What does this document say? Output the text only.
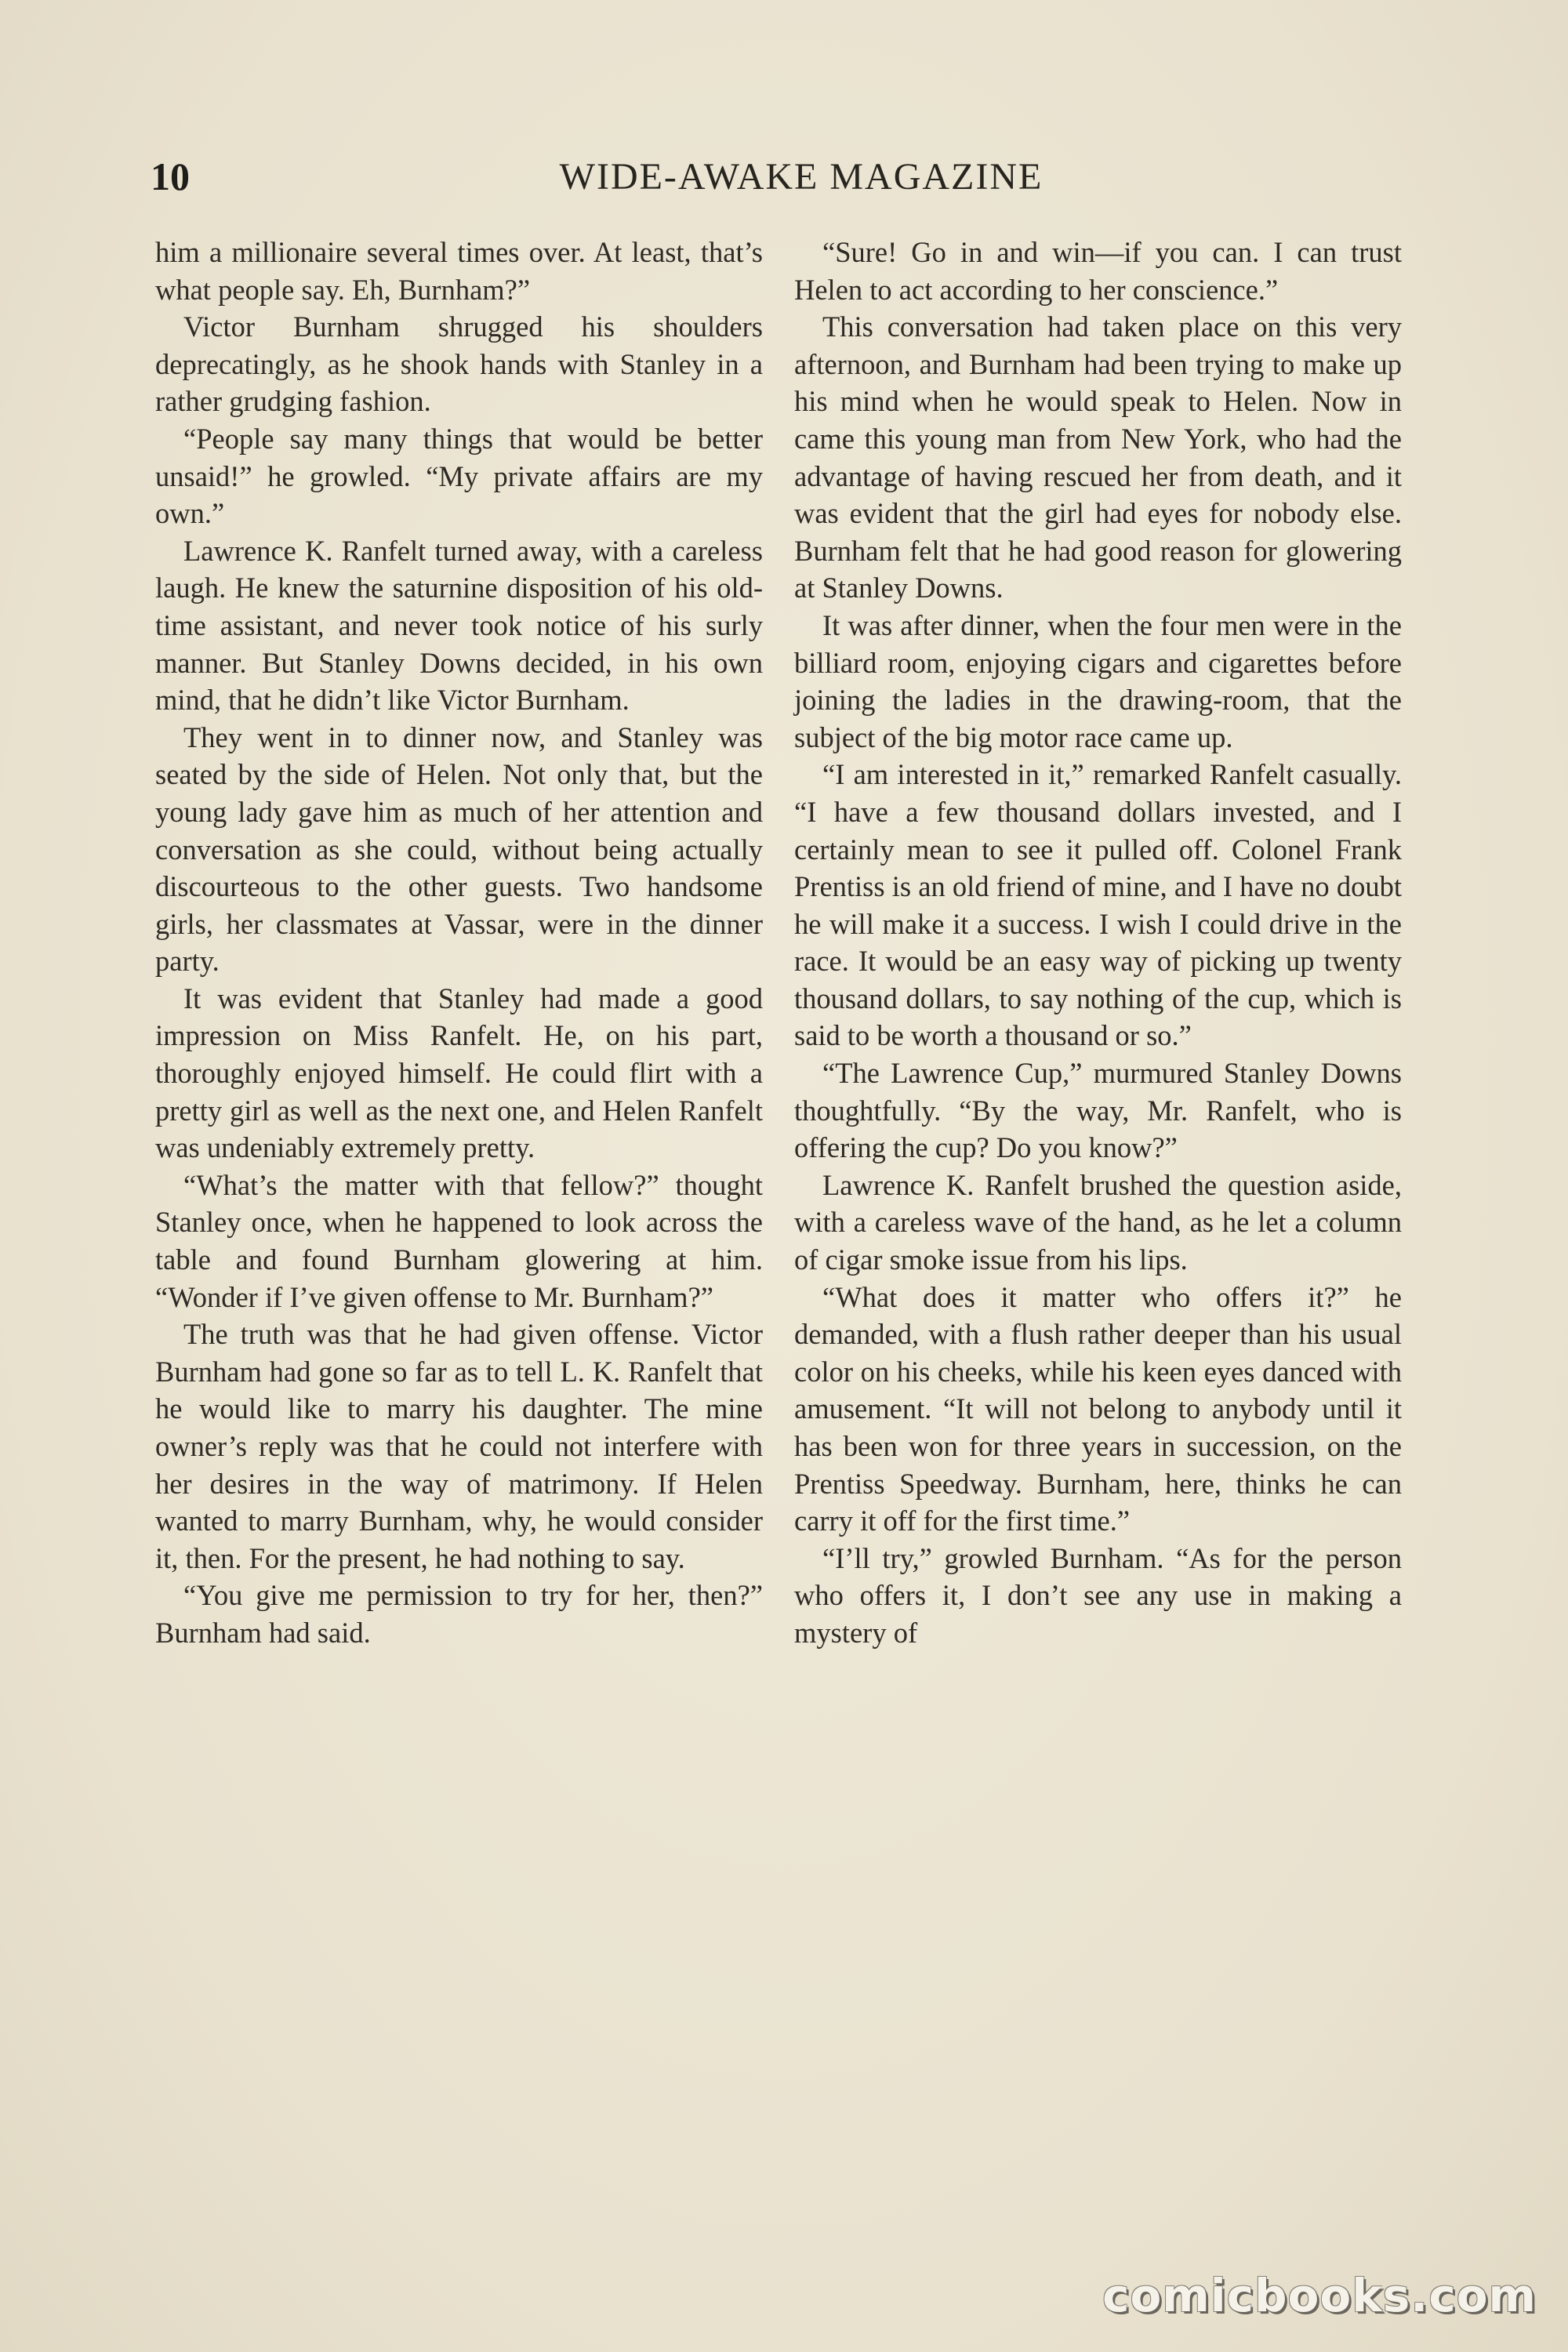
10	WIDE-AWAKE MAGAZINE

him a millionaire several times over. At least, that’s what people say. Eh, Burnham?”

Victor Burnham shrugged his shoulders deprecatingly, as he shook hands with Stanley in a rather grudging fashion.

“People say many things that would be better unsaid!” he growled. “My private affairs are my own.”

Lawrence K. Ranfelt turned away, with a careless laugh. He knew the saturnine disposition of his old-time assistant, and never took notice of his surly manner. But Stanley Downs decided, in his own mind, that he didn’t like Victor Burnham.

They went in to dinner now, and Stanley was seated by the side of Helen. Not only that, but the young lady gave him as much of her attention and conversation as she could, without being actually discourteous to the other guests. Two handsome girls, her classmates at Vassar, were in the dinner party.

It was evident that Stanley had made a good impression on Miss Ranfelt. He, on his part, thoroughly enjoyed himself. He could flirt with a pretty girl as well as the next one, and Helen Ranfelt was undeniably extremely pretty.

“What’s the matter with that fellow?” thought Stanley once, when he happened to look across the table and found Burnham glowering at him. “Wonder if I’ve given offense to Mr. Burnham?”

The truth was that he had given offense. Victor Burnham had gone so far as to tell L. K. Ranfelt that he would like to marry his daughter. The mine owner’s reply was that he could not interfere with her desires in the way of matrimony. If Helen wanted to marry Burnham, why, he would consider it, then. For the present, he had nothing to say.

“You give me permission to try for her, then?” Burnham had said.

“Sure! Go in and win—if you can. I can trust Helen to act according to her conscience.”

This conversation had taken place on this very afternoon, and Burnham had been trying to make up his mind when he would speak to Helen. Now in came this young man from New York, who had the advantage of having rescued her from death, and it was evident that the girl had eyes for nobody else. Burnham felt that he had good reason for glowering at Stanley Downs.

It was after dinner, when the four men were in the billiard room, enjoying cigars and cigarettes before joining the ladies in the drawing-room, that the subject of the big motor race came up.

“I am interested in it,” remarked Ranfelt casually. “I have a few thousand dollars invested, and I certainly mean to see it pulled off. Colonel Frank Prentiss is an old friend of mine, and I have no doubt he will make it a success. I wish I could drive in the race. It would be an easy way of picking up twenty thousand dollars, to say nothing of the cup, which is said to be worth a thousand or so.”

“The Lawrence Cup,” murmured Stanley Downs thoughtfully. “By the way, Mr. Ranfelt, who is offering the cup? Do you know?”

Lawrence K. Ranfelt brushed the question aside, with a careless wave of the hand, as he let a column of cigar smoke issue from his lips.

“What does it matter who offers it?” he demanded, with a flush rather deeper than his usual color on his cheeks, while his keen eyes danced with amusement. “It will not belong to anybody until it has been won for three years in succession, on the Prentiss Speedway. Burnham, here, thinks he can carry it off for the first time.”

“I’ll try,” growled Burnham. “As for the person who offers it, I don’t see any use in making a mystery of

comicbooks.com
